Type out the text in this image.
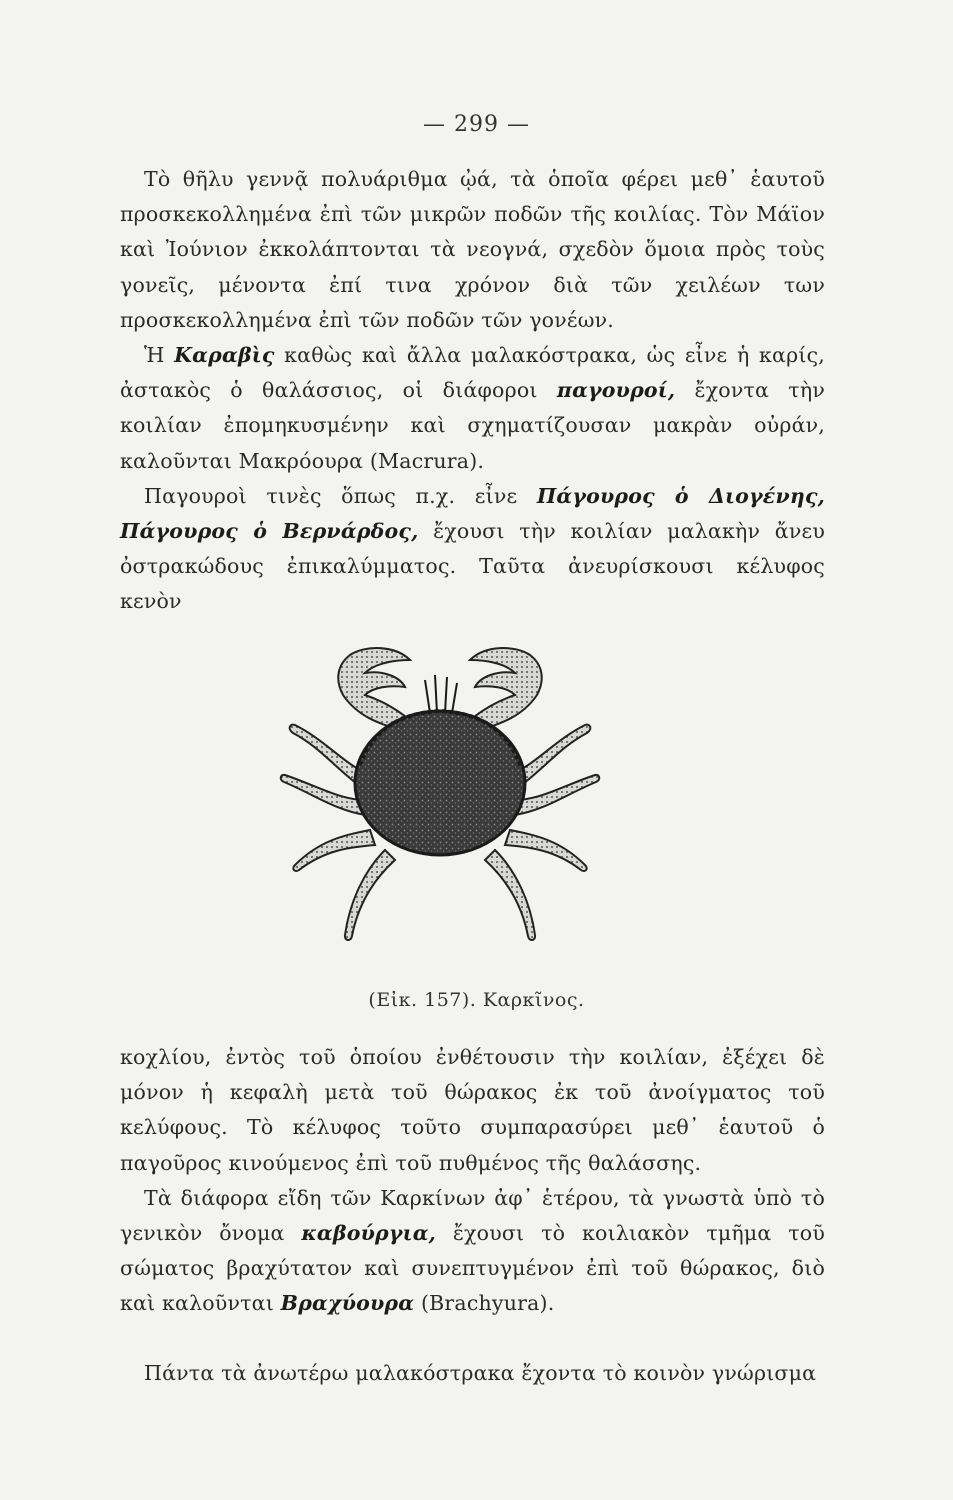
— 299 —

Τὸ θῆλυ γεννᾷ πολυάριθμα ᾠά, τὰ ὁποῖα φέρει μεθ᾽ ἑαυτοῦ προσκεκολλημένα ἐπὶ τῶν μικρῶν ποδῶν τῆς κοιλίας. Τὸν Μάϊον καὶ Ἰούνιον ἐκκολάπτονται τὰ νεογνά, σχεδὸν ὅμοια πρὸς τοὺς γονεῖς, μένοντα ἐπί τινα χρόνον διὰ τῶν χειλέων των προσκεκολλημένα ἐπὶ τῶν ποδῶν τῶν γονέων.

Ἡ Καραβὶς καθὼς καὶ ἄλλα μαλακόστρακα, ὡς εἶνε ἡ καρίς, ἀστακὸς ὁ θαλάσσιος, οἱ διάφοροι παγουροί, ἔχοντα τὴν κοιλίαν ἐπομηκυσμένην καὶ σχηματίζουσαν μακρὰν οὐράν, καλοῦνται Μακρόουρα (Macrura).

Παγουροὶ τινὲς ὅπως π.χ. εἶνε Πάγουρος ὁ Διογένης, Πάγουρος ὁ Βερνάρδος, ἔχουσι τὴν κοιλίαν μαλακὴν ἄνευ ὀστρακώδους ἐπικαλύμματος. Ταῦτα ἀνευρίσκουσι κέλυφος κενὸν

(Εἰκ. 157). Καρκῖνος.

κοχλίου, ἐντὸς τοῦ ὁποίου ἐνθέτουσιν τὴν κοιλίαν, ἐξέχει δὲ μόνον ἡ κεφαλὴ μετὰ τοῦ θώρακος ἐκ τοῦ ἀνοίγματος τοῦ κελύφους. Τὸ κέλυφος τοῦτο συμπαρασύρει μεθ᾽ ἑαυτοῦ ὁ παγοῦρος κινούμενος ἐπὶ τοῦ πυθμένος τῆς θαλάσσης.

Τὰ διάφορα εἴδη τῶν Καρκίνων ἀφ᾽ ἑτέρου, τὰ γνωστὰ ὑπὸ τὸ γενικὸν ὄνομα καβούργια, ἔχουσι τὸ κοιλιακὸν τμῆμα τοῦ σώματος βραχύτατον καὶ συνεπτυγμένον ἐπὶ τοῦ θώρακος, διὸ καὶ καλοῦνται Βραχύουρα (Brachyura).

Πάντα τὰ ἀνωτέρω μαλακόστρακα ἔχοντα τὸ κοινὸν γνώρισμα
